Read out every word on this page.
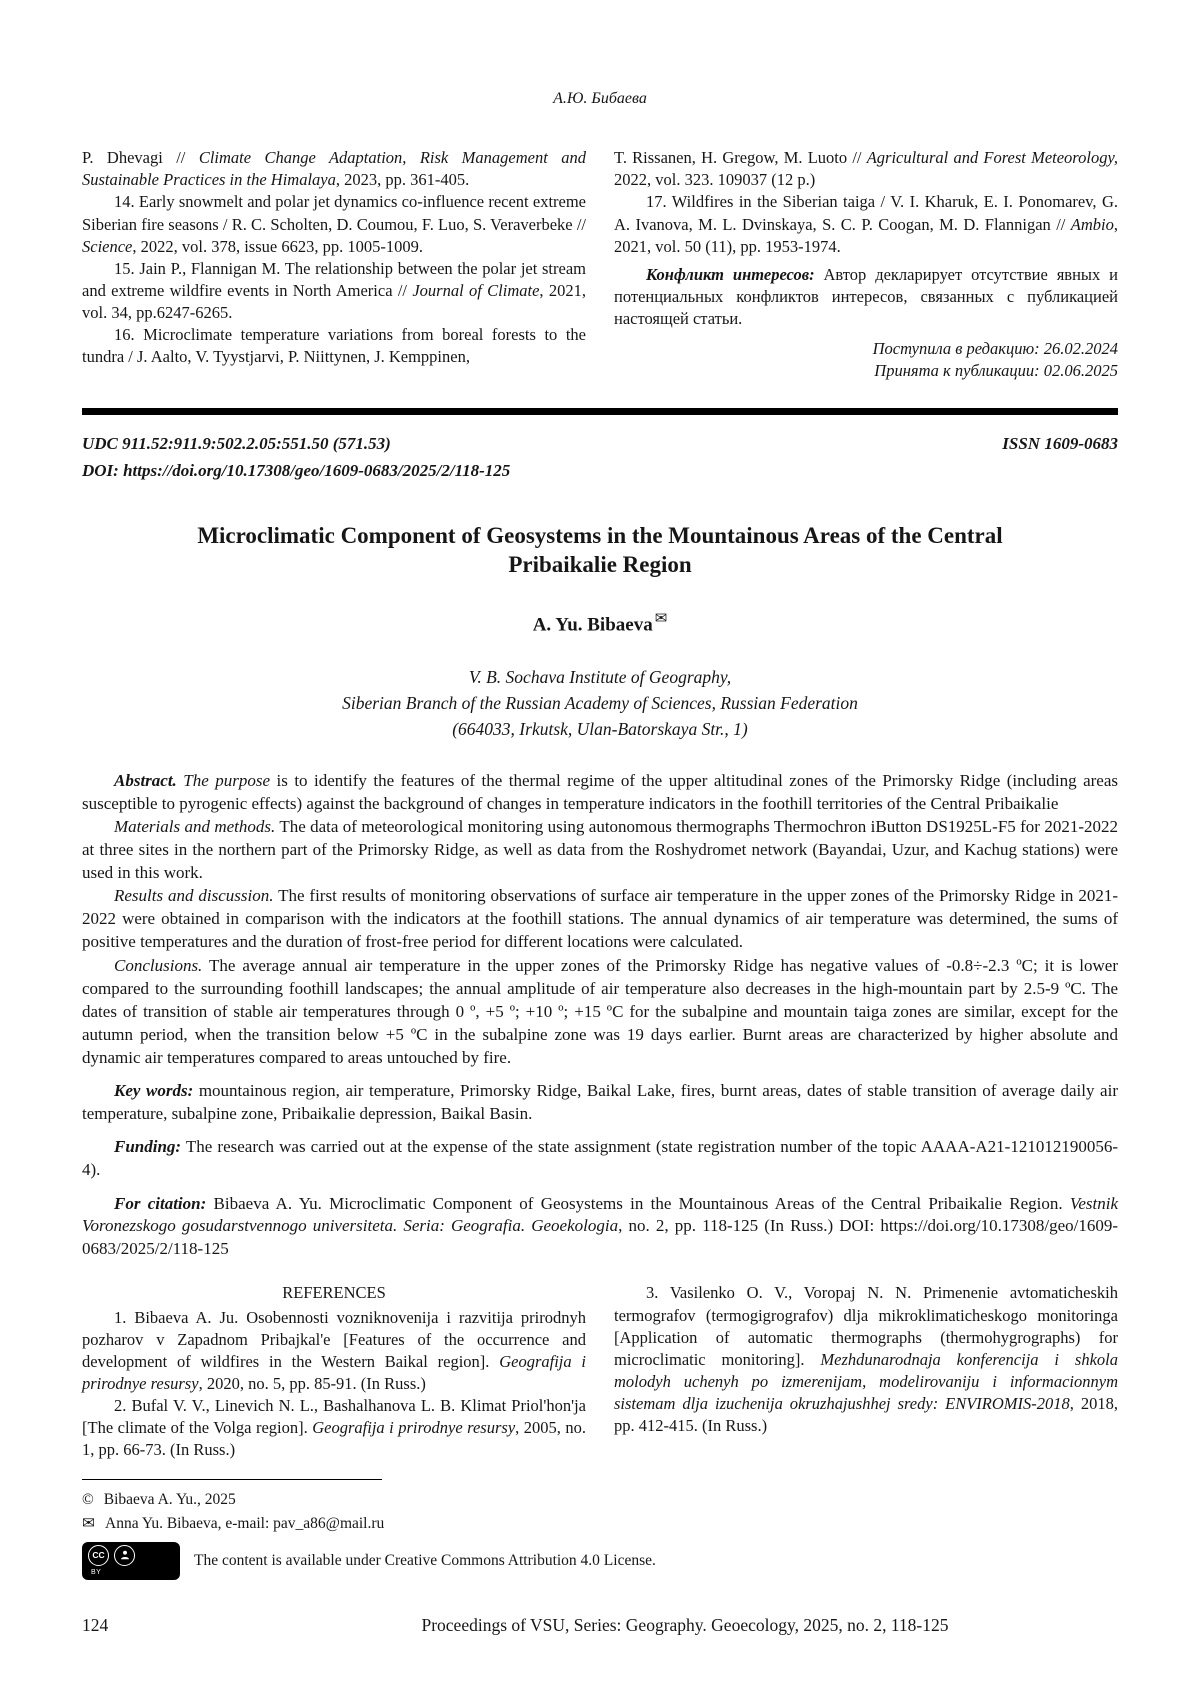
А.Ю. Бибаева

P. Dhevagi // Climate Change Adaptation, Risk Management and Sustainable Practices in the Himalaya, 2023, pp. 361-405.

14. Early snowmelt and polar jet dynamics co-influence recent extreme Siberian fire seasons / R. C. Scholten, D. Coumou, F. Luo, S. Veraverbeke // Science, 2022, vol. 378, issue 6623, pp. 1005-1009.

15. Jain P., Flannigan M. The relationship between the polar jet stream and extreme wildfire events in North America // Journal of Climate, 2021, vol. 34, pp.6247-6265.

16. Microclimate temperature variations from boreal forests to the tundra / J. Aalto, V. Tyystjarvi, P. Niittynen, J. Kemppinen,

T. Rissanen, H. Gregow, M. Luoto // Agricultural and Forest Meteorology, 2022, vol. 323. 109037 (12 p.)

17. Wildfires in the Siberian taiga / V. I. Kharuk, E. I. Ponomarev, G. A. Ivanova, M. L. Dvinskaya, S. C. P. Coogan, M. D. Flannigan // Ambio, 2021, vol. 50 (11), pp. 1953-1974.

Конфликт интересов: Автор декларирует отсутствие явных и потенциальных конфликтов интересов, связанных с публикацией настоящей статьи.

Поступила в редакцию: 26.02.2024

Принята к публикации: 02.06.2025

UDC 911.52:911.9:502.2.05:551.50 (571.53)	ISSN 1609-0683
DOI: https://doi.org/10.17308/geo/1609-0683/2025/2/118-125
Microclimatic Component of Geosystems in the Mountainous Areas of the Central Pribaikalie Region
A. Yu. Bibaeva ✉

V. B. Sochava Institute of Geography,

Siberian Branch of the Russian Academy of Sciences, Russian Federation

(664033, Irkutsk, Ulan-Batorskaya Str., 1)

Abstract. The purpose is to identify the features of the thermal regime of the upper altitudinal zones of the Primorsky Ridge (including areas susceptible to pyrogenic effects) against the background of changes in temperature indicators in the foothill territories of the Central Pribaikalie

Materials and methods. The data of meteorological monitoring using autonomous thermographs Thermochron iButton DS1925L-F5 for 2021-2022 at three sites in the northern part of the Primorsky Ridge, as well as data from the Roshydromet network (Bayandai, Uzur, and Kachug stations) were used in this work.

Results and discussion. The first results of monitoring observations of surface air temperature in the upper zones of the Primorsky Ridge in 2021-2022 were obtained in comparison with the indicators at the foothill stations. The annual dynamics of air temperature was determined, the sums of positive temperatures and the duration of frost-free period for different locations were calculated.

Conclusions. The average annual air temperature in the upper zones of the Primorsky Ridge has negative values of -0.8÷-2.3 ºC; it is lower compared to the surrounding foothill landscapes; the annual amplitude of air temperature also decreases in the high-mountain part by 2.5-9 ºC. The dates of transition of stable air temperatures through 0 º, +5 º; +10 º; +15 ºC for the subalpine and mountain taiga zones are similar, except for the autumn period, when the transition below +5 ºC in the subalpine zone was 19 days earlier. Burnt areas are characterized by higher absolute and dynamic air temperatures compared to areas untouched by fire.

Key words: mountainous region, air temperature, Primorsky Ridge, Baikal Lake, fires, burnt areas, dates of stable transition of average daily air temperature, subalpine zone, Pribaikalie depression, Baikal Basin.

Funding: The research was carried out at the expense of the state assignment (state registration number of the topic AAAA-A21-121012190056-4).

For citation: Bibaeva A. Yu. Microclimatic Component of Geosystems in the Mountainous Areas of the Central Pribaikalie Region. Vestnik Voronezskogo gosudarstvennogo universiteta. Seria: Geografia. Geoekologia, no. 2, pp. 118-125 (In Russ.) DOI: https://doi.org/10.17308/geo/1609-0683/2025/2/118-125

REFERENCES

1. Bibaeva A. Ju. Osobennosti vozniknovenija i razvitija prirodnyh pozharov v Zapadnom Pribajkal'e [Features of the occurrence and development of wildfires in the Western Baikal region]. Geografija i prirodnye resursy, 2020, no. 5, pp. 85-91. (In Russ.)

2. Bufal V. V., Linevich N. L., Bashalhanova L. B. Klimat Priol'hon'ja [The climate of the Volga region]. Geografija i prirodnye resursy, 2005, no. 1, pp. 66-73. (In Russ.)

3. Vasilenko O. V., Voropaj N. N. Primenenie avtomaticheskih termografov (termogigrografov) dlja mikroklimaticheskogo monitoringa [Application of automatic thermographs (thermohygrographs) for microclimatic monitoring]. Mezhdunarodnaja konferencija i shkola molodyh uchenyh po izmerenijam, modelirovaniju i informacionnym sistemam dlja izuchenija okruzhajushhej sredy: ENVIROMIS-2018, 2018, pp. 412-415. (In Russ.)

© Bibaeva A. Yu., 2025

✉ Anna Yu. Bibaeva, e-mail: pav_a86@mail.ru

CC
BY
The content is available under Creative Commons Attribution 4.0 License.
124	Proceedings of VSU, Series: Geography. Geoecology, 2025, no. 2, 118-125
